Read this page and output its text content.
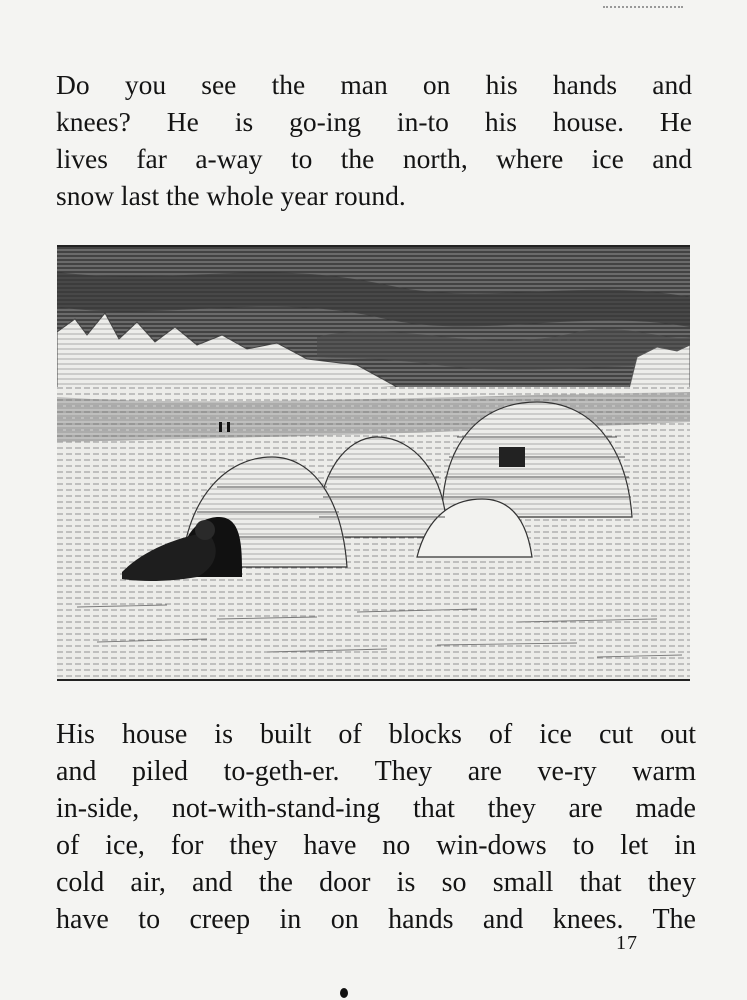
Do you see the man on his hands and
knees? He is go-ing in-to his house. He
lives far a-way to the north, where ice and
snow last the whole year round.

His house is built of blocks of ice cut out
and piled to-geth-er. They are ve-ry warm
in-side, not-with-stand-ing that they are made
of ice, for they have no win-dows to let in
cold air, and the door is so small that they
have to creep in on hands and knees. The

17
